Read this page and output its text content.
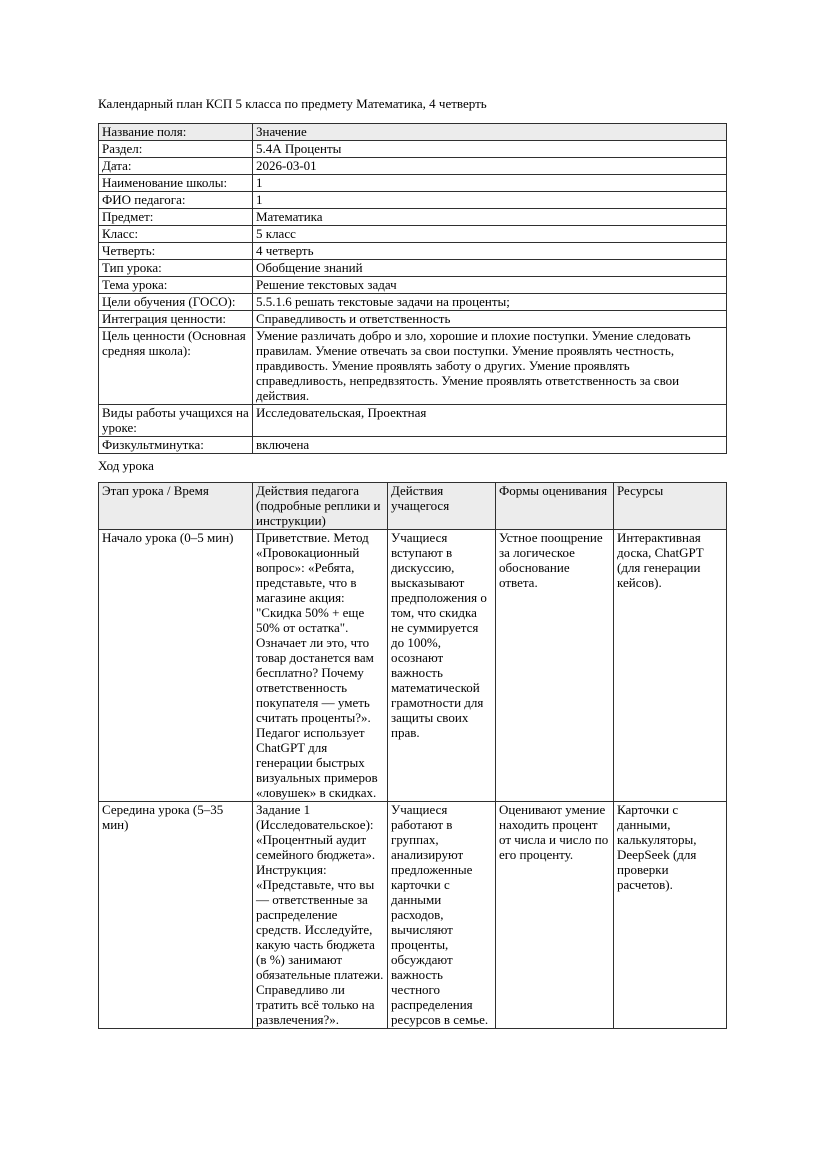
Календарный план КСП 5 класса по предмету Математика, 4 четверть

Название поля:	Значение
Раздел:	5.4А Проценты
Дата:	2026-03-01
Наименование школы:	1
ФИО педагога:	1
Предмет:	Математика
Класс:	5 класс
Четверть:	4 четверть
Тип урока:	Обобщение знаний
Тема урока:	Решение текстовых задач
Цели обучения (ГОСО):	5.5.1.6 решать текстовые задачи на проценты;
Интеграция ценности:	Справедливость и ответственность
Цель ценности (Основная средняя школа):	Умение различать добро и зло, хорошие и плохие поступки. Умение следовать правилам. Умение отвечать за свои поступки. Умение проявлять честность, правдивость. Умение проявлять заботу о других. Умение проявлять справедливость, непредвзятость. Умение проявлять ответственность за свои действия.
Виды работы учащихся на уроке:	Исследовательская, Проектная
Физкультминутка:	включена

Ход урока

Этап урока / Время	Действия педагога (подробные реплики и инструкции)	Действия учащегося	Формы оценивания	Ресурсы
Начало урока (0–5 мин)	Приветствие. Метод «Провокационный вопрос»: «Ребята, представьте, что в магазине акция: "Скидка 50% + еще 50% от остатка". Означает ли это, что товар достанется вам бесплатно? Почему ответственность покупателя — уметь считать проценты?». Педагог использует ChatGPT для генерации быстрых визуальных примеров «ловушек» в скидках.	Учащиеся вступают в дискуссию, высказывают предположения о том, что скидка не суммируется до 100%, осознают важность математической грамотности для защиты своих прав.	Устное поощрение за логическое обоснование ответа.	Интерактивная доска, ChatGPT (для генерации кейсов).
Середина урока (5–35 мин)	Задание 1 (Исследовательское): «Процентный аудит семейного бюджета». Инструкция: «Представьте, что вы — ответственные за распределение средств. Исследуйте, какую часть бюджета (в %) занимают обязательные платежи. Справедливо ли тратить всё только на развлечения?».	Учащиеся работают в группах, анализируют предложенные карточки с данными расходов, вычисляют проценты, обсуждают важность честного распределения ресурсов в семье.	Оценивают умение находить процент от числа и число по его проценту.	Карточки с данными, калькуляторы, DeepSeek (для проверки расчетов).
